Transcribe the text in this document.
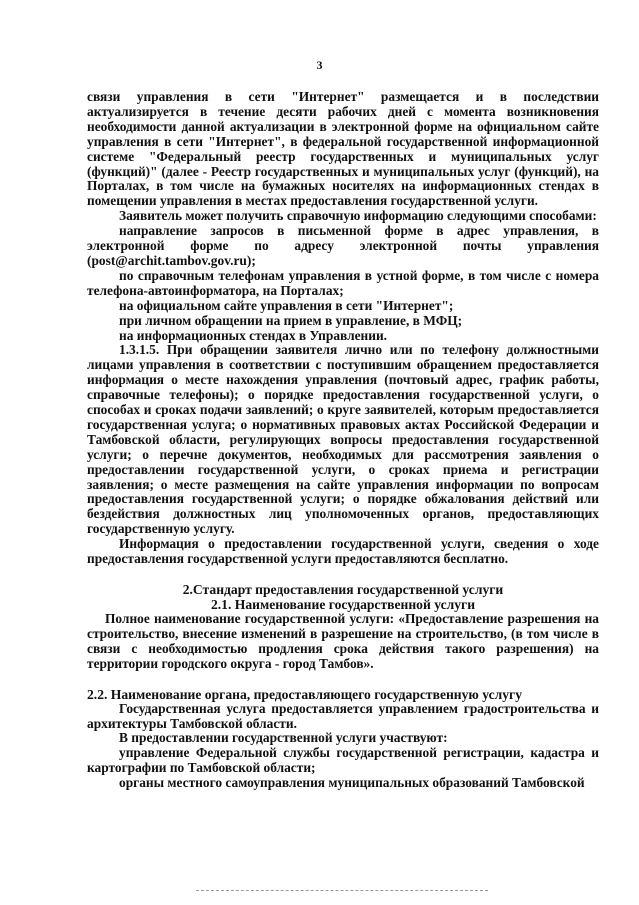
3

связи управления в сети "Интернет" размещается и в последствии актуализируется в течение десяти рабочих дней с момента возникновения необходимости данной актуализации в электронной форме на официальном сайте управления в сети "Интернет", в федеральной государственной информационной системе "Федеральный реестр государственных и муниципальных услуг (функций)" (далее - Реестр государственных и муниципальных услуг (функций), на Порталах, в том числе на бумажных носителях на информационных стендах в помещении управления в местах предоставления государственной услуги.

Заявитель может получить справочную информацию следующими способами:

направление запросов в письменной форме в адрес управления, в электронной форме по адресу электронной почты управления (post@archit.tambov.gov.ru);

по справочным телефонам управления в устной форме, в том числе с номера телефона-автоинформатора, на Порталах;

на официальном сайте управления в сети "Интернет";

при личном обращении на прием в управление, в МФЦ;

на информационных стендах в Управлении.

1.3.1.5. При обращении заявителя лично или по телефону должностными лицами управления в соответствии с поступившим обращением предоставляется информация о месте нахождения управления (почтовый адрес, график работы, справочные телефоны); о порядке предоставления государственной услуги, о способах и сроках подачи заявлений; о круге заявителей, которым предоставляется государственная услуга; о нормативных правовых актах Российской Федерации и Тамбовской области, регулирующих вопросы предоставления государственной услуги; о перечне документов, необходимых для рассмотрения заявления о предоставлении государственной услуги, о сроках приема и регистрации заявления; о месте размещения на сайте управления информации по вопросам предоставления государственной услуги; о порядке обжалования действий или бездействия должностных лиц уполномоченных органов, предоставляющих государственную услугу.

Информация о предоставлении государственной услуги, сведения о ходе предоставления государственной услуги предоставляются бесплатно.

2.Стандарт предоставления государственной услуги
2.1. Наименование государственной услуги

Полное наименование государственной услуги: «Предоставление разрешения на строительство, внесение изменений в разрешение на строительство, (в том числе в связи с необходимостью продления срока действия такого разрешения) на территории городского округа - город Тамбов».

2.2. Наименование органа, предоставляющего государственную услугу

Государственная услуга предоставляется управлением градостроительства и архитектуры Тамбовской области.

В предоставлении государственной услуги участвуют:

управление Федеральной службы государственной регистрации, кадастра и картографии по Тамбовской области;

органы местного самоуправления муниципальных образований Тамбовской
